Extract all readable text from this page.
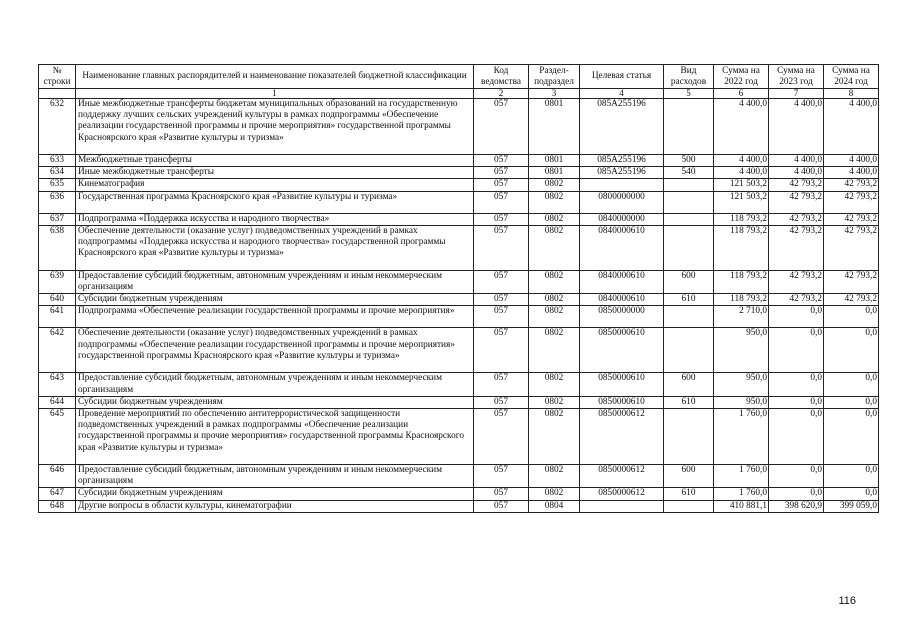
№ строки	Наименование главных распорядителей и наименование показателей бюджетной классификации	Код ведомства	Раздел-подраздел	Целевая статья	Вид расходов	Сумма на 2022 год	Сумма на 2023 год	Сумма на 2024 год
	1	2	3	4	5	6	7	8
632	Иные межбюджетные трансферты бюджетам муниципальных образований на государственную поддержку лучших сельских учреждений культуры в рамках подпрограммы «Обеспечение реализации государственной программы и прочие мероприятия» государственной программы Красноярского края «Развитие культуры и туризма»	057	0801	085А255196		4 400,0	4 400,0	4 400,0
633	Межбюджетные трансферты	057	0801	085А255196	500	4 400,0	4 400,0	4 400,0
634	Иные межбюджетные трансферты	057	0801	085А255196	540	4 400,0	4 400,0	4 400,0
635	Кинематография	057	0802			121 503,2	42 793,2	42 793,2
636	Государственная программа Красноярского края «Развитие культуры и туризма»	057	0802	0800000000		121 503,2	42 793,2	42 793,2
637	Подпрограмма «Поддержка искусства и народного творчества»	057	0802	0840000000		118 793,2	42 793,2	42 793,2
638	Обеспечение деятельности (оказание услуг) подведомственных учреждений в рамках подпрограммы «Поддержка искусства и народного творчества» государственной программы Красноярского края «Развитие культуры и туризма»	057	0802	0840000610		118 793,2	42 793,2	42 793,2
639	Предоставление субсидий бюджетным, автономным учреждениям и иным некоммерческим организациям	057	0802	0840000610	600	118 793,2	42 793,2	42 793,2
640	Субсидии бюджетным учреждениям	057	0802	0840000610	610	118 793,2	42 793,2	42 793,2
641	Подпрограмма «Обеспечение реализации государственной программы и прочие мероприятия»	057	0802	0850000000		2 710,0	0,0	0,0
642	Обеспечение деятельности (оказание услуг) подведомственных учреждений в рамках подпрограммы «Обеспечение реализации государственной программы и прочие мероприятия» государственной программы Красноярского края «Развитие культуры и туризма»	057	0802	0850000610		950,0	0,0	0,0
643	Предоставление субсидий бюджетным, автономным учреждениям и иным некоммерческим организациям	057	0802	0850000610	600	950,0	0,0	0,0
644	Субсидии бюджетным учреждениям	057	0802	0850000610	610	950,0	0,0	0,0
645	Проведение мероприятий по обеспечению антитеррористической защищенности подведомственных учреждений в рамках подпрограммы «Обеспечение реализации государственной программы и прочие мероприятия» государственной программы Красноярского края «Развитие культуры и туризма»	057	0802	0850000612		1 760,0	0,0	0,0
646	Предоставление субсидий бюджетным, автономным учреждениям и иным некоммерческим организациям	057	0802	0850000612	600	1 760,0	0,0	0,0
647	Субсидии бюджетным учреждениям	057	0802	0850000612	610	1 760,0	0,0	0,0
648	Другие вопросы в области культуры, кинематографии	057	0804			410 881,1	398 620,9	399 059,0
116
